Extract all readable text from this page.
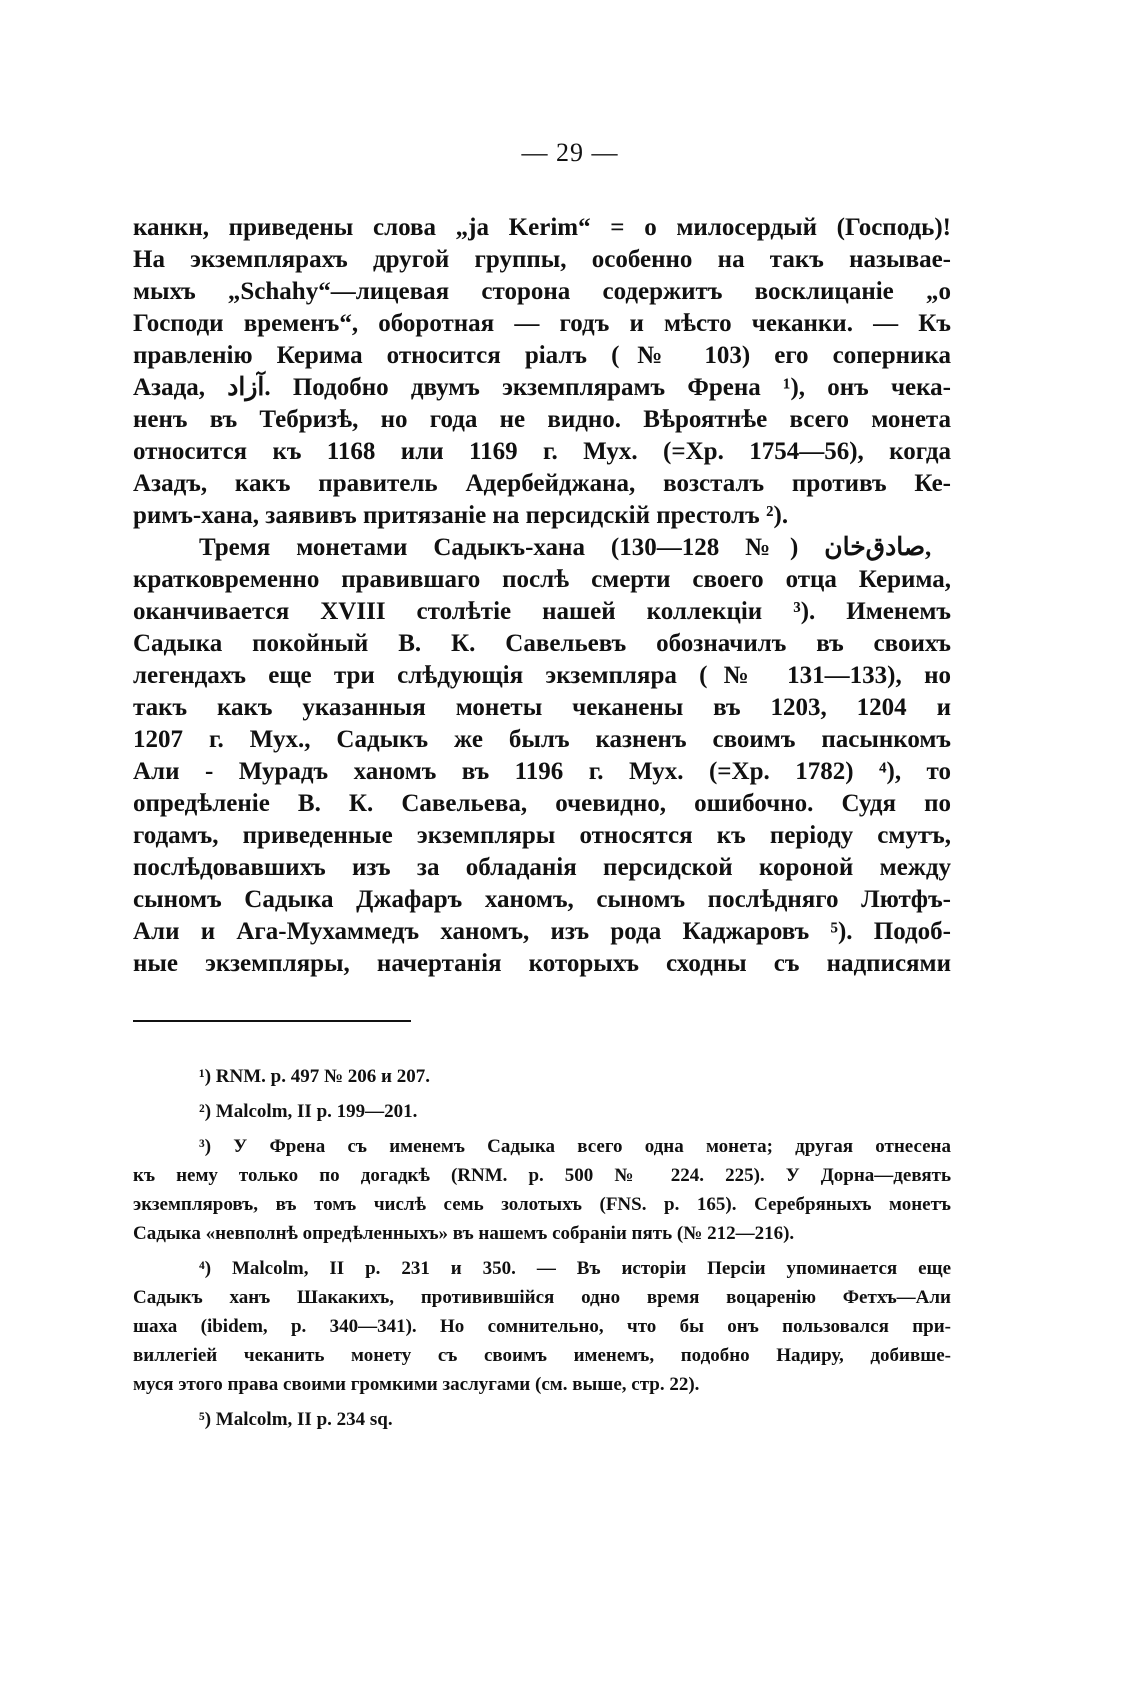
— 29 —
канкн, приведены слова „ja Kerim“ = о милосердый (Господь)!
На экземплярахъ другой группы, особенно на такъ называе-
мыхъ „Schahy“—лицевая сторона содержитъ восклицаніе „о
Господи временъ“, оборотная — годъ и мѣсто чеканки. — Къ
правленію Керима относится ріалъ (№ 103) его соперника
Азада, آزاد. Подобно двумъ экземплярамъ Френа ¹), онъ чека-
ненъ въ Тебризѣ, но года не видно. Вѣроятнѣе всего монета
относится къ 1168 или 1169 г. Мух. (=Хр. 1754—56), когда
Азадъ, какъ правитель Адербейджана, возсталъ противъ Ке-
римъ-хана, заявивъ притязаніе на персидскій престолъ ²).
Тремя монетами Садыкъ-хана صادق‌خان (№ 128—130),
кратковременно правившаго послѣ смерти своего отца Керима,
оканчивается XVIII столѣтіе нашей коллекціи ³). Именемъ
Садыка покойный В. К. Савельевъ обозначилъ въ своихъ
легендахъ еще три слѣдующія экземпляра (№ 131—133), но
такъ какъ указанныя монеты чеканены въ 1203, 1204 и
1207 г. Мух., Садыкъ же былъ казненъ своимъ пасынкомъ
Али - Мурадъ ханомъ въ 1196 г. Мух. (=Хр. 1782) ⁴), то
опредѣленіе В. К. Савельева, очевидно, ошибочно. Судя по
годамъ, приведенные экземпляры относятся къ періоду смутъ,
послѣдовавшихъ изъ за обладанія персидской короной между
сыномъ Садыка Джафаръ ханомъ, сыномъ послѣдняго Лютфъ-
Али и Ага-Мухаммедъ ханомъ, изъ рода Каджаровъ ⁵). Подоб-
ные экземпляры, начертанія которыхъ сходны съ надписями
¹) RNM. p. 497 № 206 и 207.
²) Malcolm, II p. 199—201.
³) У Френа съ именемъ Садыка всего одна монета; другая отнесена
къ нему только по догадкѣ (RNM. p. 500 № 224. 225). У Дорна—девять
экземпляровъ, въ томъ числѣ семь золотыхъ (FNS. p. 165). Серебряныхъ монетъ
Садыка «невполнѣ опредѣленныхъ» въ нашемъ собраніи пять (№ 212—216).
⁴) Malcolm, II p. 231 и 350. — Въ исторіи Персіи упоминается еще
Садыкъ ханъ Шакакихъ, противившійся одно время воцаренію Фетхъ—Али
шаха (ibidem, p. 340—341). Но сомнительно, что бы онъ пользовался при-
виллегіей чеканить монету съ своимъ именемъ, подобно Надиру, добивше-
муся этого права своими громкими заслугами (см. выше, стр. 22).
⁵) Malcolm, II p. 234 sq.
